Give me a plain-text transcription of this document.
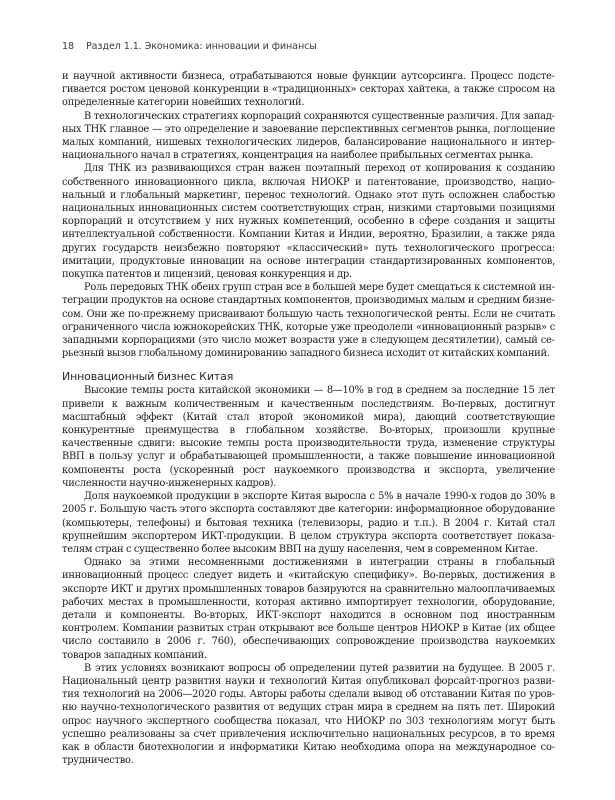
18 Раздел 1.1. Экономика: инновации и финансы

и научной активности бизнеса, отрабатываются новые функции аутсорсинга. Процесс подстегивается ростом ценовой конкуренции в «традиционных» секторах хайтека, а также спросом на определенные категории новейших технологий.

В технологических стратегиях корпораций сохраняются существенные различия. Для западных ТНК главное — это определение и завоевание перспективных сегментов рынка, поглощение малых компаний, нишевых технологических лидеров, балансирование национального и интернационального начал в стратегиях, концентрация на наиболее прибыльных сегментах рынка.

Для ТНК из развивающихся стран важен поэтапный переход от копирования к созданию собственного инновационного цикла, включая НИОКР и патентование, производство, национальный и глобальный маркетинг, перенос технологий. Однако этот путь осложнен слабостью национальных инновационных систем соответствующих стран, низкими стартовыми позициями корпораций и отсутствием у них нужных компетенций, особенно в сфере создания и защиты интеллектуальной собственности. Компании Китая и Индии, вероятно, Бразилии, а также ряда других государств неизбежно повторяют «классический» путь технологического прогресса: имитации, продуктовые инновации на основе интеграции стандартизированных компонентов, покупка патентов и лицензий, ценовая конкуренция и др.

Роль передовых ТНК обеих групп стран все в большей мере будет смещаться к системной интеграции продуктов на основе стандартных компонентов, производимых малым и средним бизнесом. Они же по-прежнему присваивают большую часть технологической ренты. Если не считать ограниченного числа южнокорейских ТНК, которые уже преодолели «инновационный разрыв» с западными корпорациями (это число может возрасти уже в следующем десятилетии), самый серьезный вызов глобальному доминированию западного бизнеса исходит от китайских компаний.

Инновационный бизнес Китая

Высокие темпы роста китайской экономики — 8—10% в год в среднем за последние 15 лет привели к важным количественным и качественным последствиям. Во-первых, достигнут масштабный эффект (Китай стал второй экономикой мира), дающий соответствующие конкурентные преимущества в глобальном хозяйстве. Во-вторых, произошли крупные качественные сдвиги: высокие темпы роста производительности труда, изменение структуры ВВП в пользу услуг и обрабатывающей промышленности, а также повышение инновационной компоненты роста (ускоренный рост наукоемкого производства и экспорта, увеличение численности научно-инженерных кадров).

Доля наукоемкой продукции в экспорте Китая выросла с 5% в начале 1990-х годов до 30% в 2005 г. Большую часть этого экспорта составляют две категории: информационное оборудование (компьютеры, телефоны) и бытовая техника (телевизоры, радио и т.п.). В 2004 г. Китай стал крупнейшим экспортером ИКТ-продукции. В целом структура экспорта соответствует показателям стран с существенно более высоким ВВП на душу населения, чем в современном Китае.

Однако за этими несомненными достижениями в интеграции страны в глобальный инновационный процесс следует видеть и «китайскую специфику». Во-первых, достижения в экспорте ИКТ и других промышленных товаров базируются на сравнительно малооплачиваемых рабочих местах в промышленности, которая активно импортирует технологии, оборудование, детали и компоненты. Во-вторых, ИКТ-экспорт находится в основном под иностранным контролем. Компании развитых стран открывают все больше центров НИОКР в Китае (их общее число составило в 2006 г. 760), обеспечивающих сопровождение производства наукоемких товаров западных компаний.

В этих условиях возникают вопросы об определении путей развитии на будущее. В 2005 г. Национальный центр развития науки и технологий Китая опубликовал форсайт-прогноз развития технологий на 2006—2020 годы. Авторы работы сделали вывод об отставании Китая по уровню научно-технологического развития от ведущих стран мира в среднем на пять лет. Широкий опрос научного экспертного сообщества показал, что НИОКР по 303 технологиям могут быть успешно реализованы за счет привлечения исключительно национальных ресурсов, в то время как в области биотехнологии и информатики Китаю необходима опора на международное сотрудничество.
